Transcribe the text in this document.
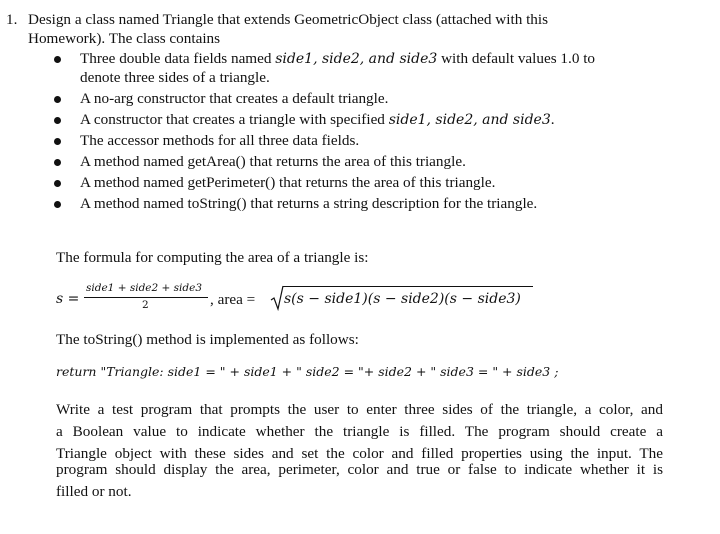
1. Design a class named Triangle that extends GeometricObject class (attached with this
Homework). The class contains
Three double data fields named side1, side2, and side3 with default values 1.0 to
denote three sides of a triangle.
A no-arg constructor that creates a default triangle.
A constructor that creates a triangle with specified side1, side2, and side3.
The accessor methods for all three data fields.
A method named getArea() that returns the area of this triangle.
A method named getPerimeter() that returns the area of this triangle.
A method named toString() that returns a string description for the triangle.
The formula for computing the area of a triangle is:
s =
side1 + side2 + side3
2	, area = s(s − side1)(s − side2)(s − side3)
The toString() method is implemented as follows:
return "Triangle: side1 = " + side1 + " side2 = "+ side2 + " side3 = " + side3 ;
Write a test program that prompts the user to enter three sides of the triangle, a color, and
a Boolean value to indicate whether the triangle is filled. The program should create a
Triangle object with these sides and set the color and filled properties using the input. The
program should display the area, perimeter, color and true or false to indicate whether it is
filled or not.
